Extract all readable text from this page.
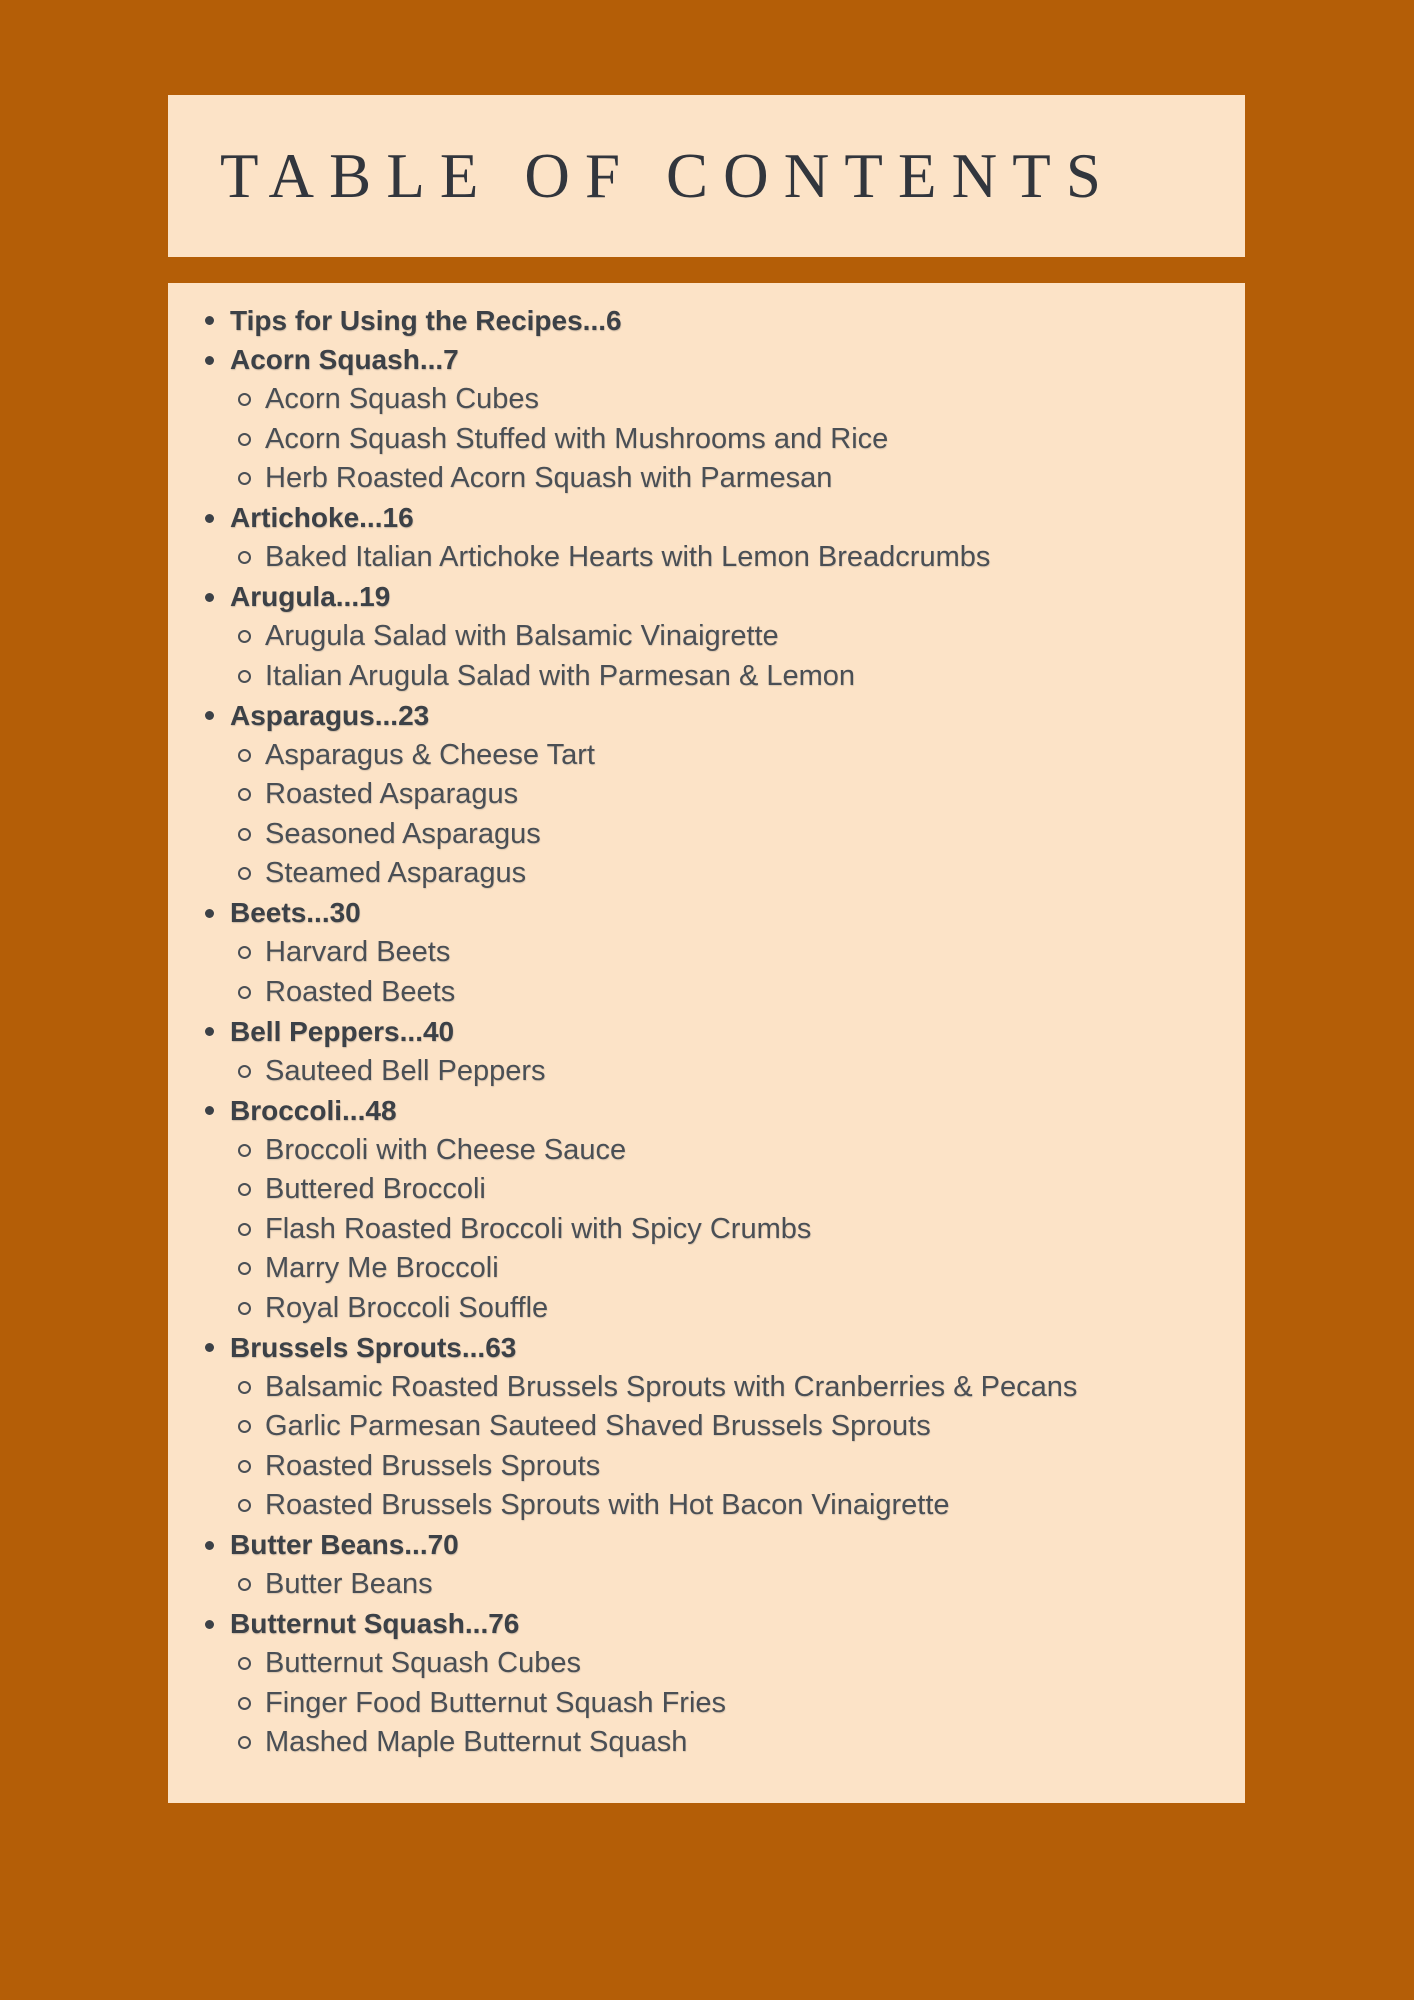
TABLE OF CONTENTS
Tips for Using the Recipes...6
Acorn Squash...7
Acorn Squash Cubes
Acorn Squash Stuffed with Mushrooms and Rice
Herb Roasted Acorn Squash with Parmesan
Artichoke...16
Baked Italian Artichoke Hearts with Lemon Breadcrumbs
Arugula...19
Arugula Salad with Balsamic Vinaigrette
Italian Arugula Salad with Parmesan & Lemon
Asparagus...23
Asparagus & Cheese Tart
Roasted Asparagus
Seasoned Asparagus
Steamed Asparagus
Beets...30
Harvard Beets
Roasted Beets
Bell Peppers...40
Sauteed Bell Peppers
Broccoli...48
Broccoli with Cheese Sauce
Buttered Broccoli
Flash Roasted Broccoli with Spicy Crumbs
Marry Me Broccoli
Royal Broccoli Souffle
Brussels Sprouts...63
Balsamic Roasted Brussels Sprouts with Cranberries & Pecans
Garlic Parmesan Sauteed Shaved Brussels Sprouts
Roasted Brussels Sprouts
Roasted Brussels Sprouts with Hot Bacon Vinaigrette
Butter Beans...70
Butter Beans
Butternut Squash...76
Butternut Squash Cubes
Finger Food Butternut Squash Fries
Mashed Maple Butternut Squash
